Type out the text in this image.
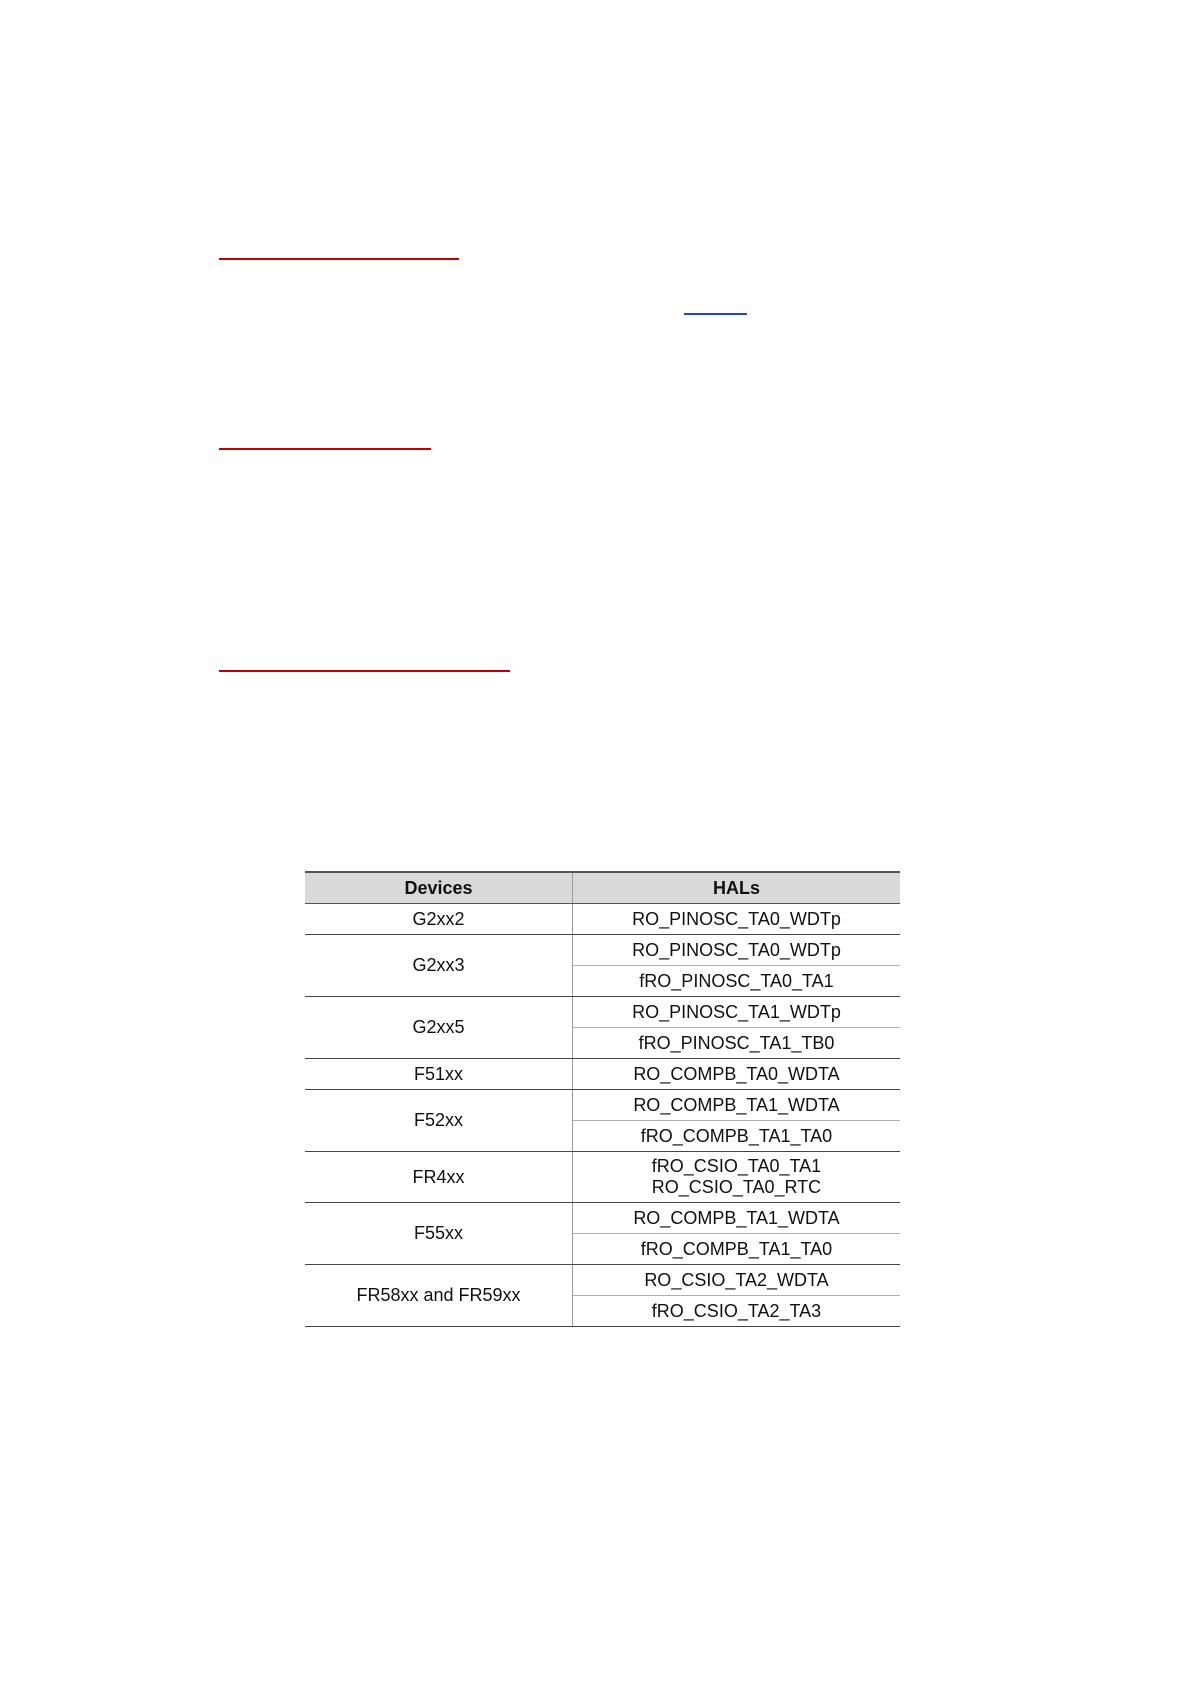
Devices	HALs
G2xx2	RO_PINOSC_TA0_WDTp
G2xx3	RO_PINOSC_TA0_WDTp
	fRO_PINOSC_TA0_TA1
G2xx5	RO_PINOSC_TA1_WDTp
	fRO_PINOSC_TA1_TB0
F51xx	RO_COMPB_TA0_WDTA
F52xx	RO_COMPB_TA1_WDTA
	fRO_COMPB_TA1_TA0
FR4xx	fRO_CSIO_TA0_TA1
RO_CSIO_TA0_RTC

F55xx	RO_COMPB_TA1_WDTA
	fRO_COMPB_TA1_TA0
FR58xx and FR59xx	RO_CSIO_TA2_WDTA
	fRO_CSIO_TA2_TA3
